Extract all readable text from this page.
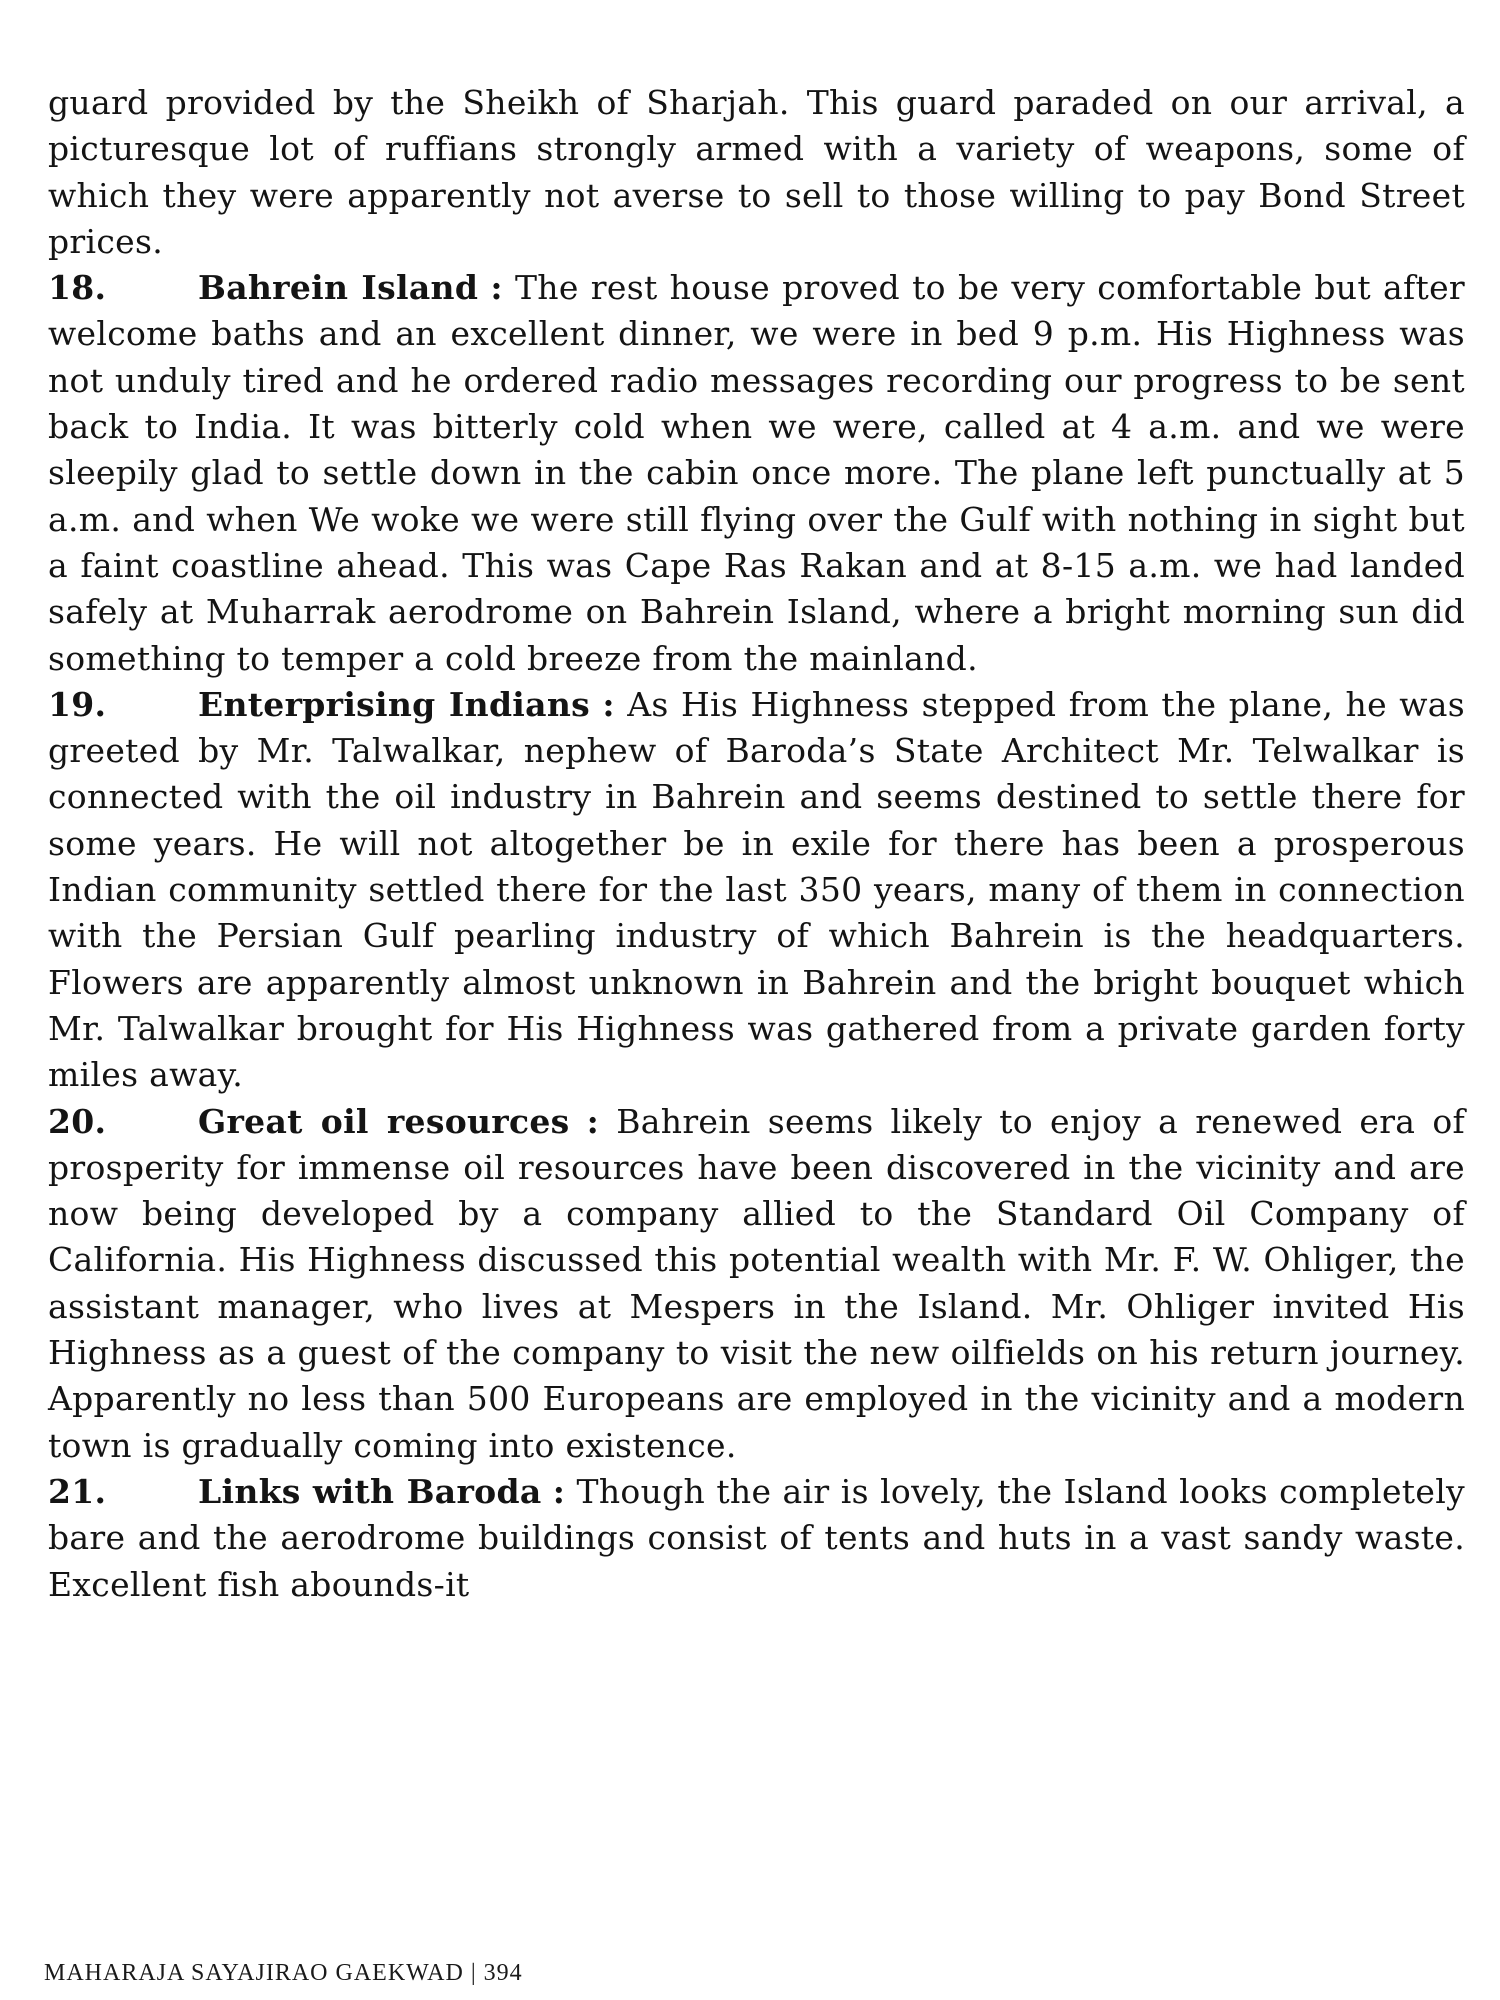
guard provided by the Sheikh of Sharjah. This guard paraded on our arrival, a picturesque lot of ruffians strongly armed with a variety of weapons, some of which they were apparently not averse to sell to those willing to pay Bond Street prices.

18.	Bahrein Island : The rest house proved to be very comfortable but after welcome baths and an excellent dinner, we were in bed 9 p.m. His Highness was not unduly tired and he ordered radio messages recording our progress to be sent back to India. It was bitterly cold when we were, called at 4 a.m. and we were sleepily glad to settle down in the cabin once more. The plane left punctually at 5 a.m. and when We woke we were still flying over the Gulf with nothing in sight but a faint coastline ahead. This was Cape Ras Rakan and at 8-15 a.m. we had landed safely at Muharrak aerodrome on Bahrein Island, where a bright morning sun did something to temper a cold breeze from the mainland.

19.	Enterprising Indians : As His Highness stepped from the plane, he was greeted by Mr. Talwalkar, nephew of Baroda’s State Architect Mr. Telwalkar is connected with the oil industry in Bahrein and seems destined to settle there for some years. He will not altogether be in exile for there has been a prosperous Indian community settled there for the last 350 years, many of them in connection with the Persian Gulf pearling industry of which Bahrein is the headquarters. Flowers are apparently almost unknown in Bahrein and the bright bouquet which Mr. Talwalkar brought for His Highness was gathered from a private garden forty miles away.

20.	Great oil resources : Bahrein seems likely to enjoy a renewed era of prosperity for immense oil resources have been discovered in the vicinity and are now being developed by a company allied to the Standard Oil Company of California. His Highness discussed this potential wealth with Mr. F. W. Ohliger, the assistant manager, who lives at Mespers in the Island. Mr. Ohliger invited His Highness as a guest of the company to visit the new oilfields on his return journey. Apparently no less than 500 Europeans are employed in the vicinity and a modern town is gradually coming into existence.

21.	Links with Baroda : Though the air is lovely, the Island looks completely bare and the aerodrome buildings consist of tents and huts in a vast sandy waste. Excellent fish abounds-it

MAHARAJA SAYAJIRAO GAEKWAD | 394
